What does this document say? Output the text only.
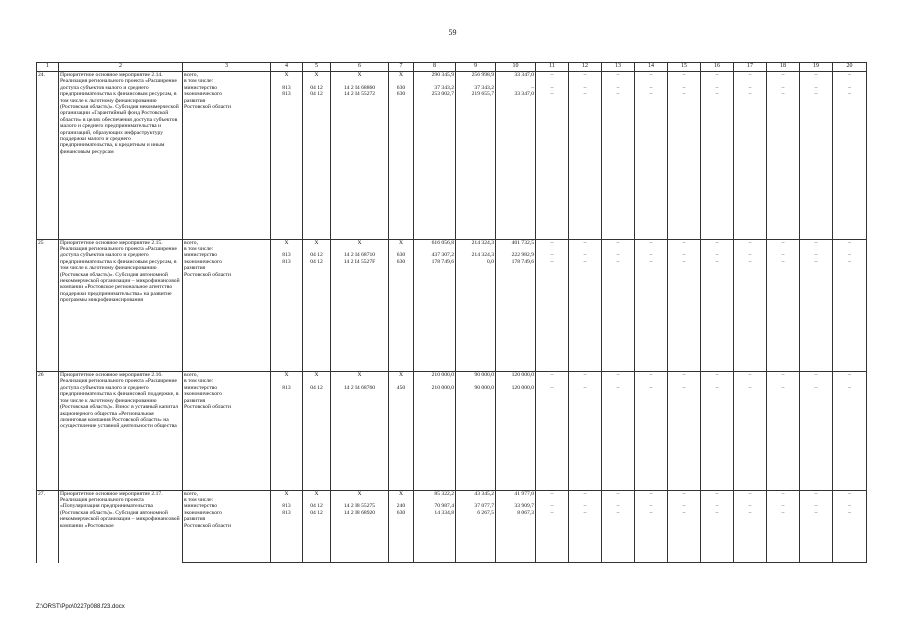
59
1	2	3	4	5	6	7	8	9	10	11	12	13	14	15	16	17	18	19	20
24.	Приоритетное основное мероприятие 2.14. Реализация регионального проекта «Расширение доступа субъектов малого и среднего предпринимательства к финансовым ресурсам, в том числе к льготному финансированию (Ростовская область)». Субсидия некоммерческой организации «Гарантийный фонд Ростовской области» в целях обеспечения доступа субъектов малого и среднего предпринимательства и организаций, образующих инфраструктуру поддержки малого и среднего предпринимательства, к кредитным и иным финансовым ресурсам	всего,	X	X	X	X	290 345,9	256 998,9	33 347,0	–	–	–	–	–	–	–	–	–	–
		в том числе:																	
		министерство	813	04 12	14 2 I4 68860	630	37 343,2	37 343,2	–	–	–	–	–	–	–	–	–	–	–
		экономического	813	04 12	14 2 I4 55272	630	253 002,7	219 655,7	33 347,0	–	–	–	–	–	–	–	–	–	–
		развития																	
		Ростовской области																	
25	Приоритетное основное мероприятие 2.15. Реализация регионального проекта «Расширение доступа субъектов малого и среднего предпринимательства к финансовым ресурсам, в том числе к льготному финансированию (Ростовская область)». Субсидия автономной некоммерческой организации – микрофинансовой компании «Ростовское региональное агентство поддержки предпринимательства» на развитие программы микрофинансирования	всего,	X	X	X	X	616 056,8	214 324,3	401 732,5	–	–	–	–	–	–	–	–	–	–
		в том числе:																	
		министерство	813	04 12	14 2 I4 68710	630	437 307,2	214 324,3	222 982,9	–	–	–	–	–	–	–	–	–	–
		экономического	813	04 12	14 2 I4 5527F	630	178 749,6	0,0	178 749,6	–	–	–	–	–	–	–	–	–	–
		развития																	
		Ростовской области																	
26	Приоритетное основное мероприятие 2.16. Реализация регионального проекта «Расширение доступа субъектов малого и среднего предпринимательства к финансовой поддержке, в том числе к льготному финансированию (Ростовская область)». Взнос в уставный капитал акционерного общества «Региональная лизинговая компания Ростовской области» на осуществление уставной деятельности общества	всего,	X	X	X	X	210 000,0	90 000,0	120 000,0	–	–	–	–	–	–	–	–	–	–
		в том числе:																	
		министерство	813	04 12	14 2 I4 68760	450	210 000,0	90 000,0	120 000,0	–	–	–	–	–	–	–	–	–	–
		экономического																	
		развития																	
		Ростовской области																	
27.	Приоритетное основное мероприятие 2.17. Реализация регионального проекта «Популяризация предпринимательства (Ростовская область)». Субсидия автономной некоммерческой организации – микрофинансовой компании «Ростовское	всего,	X	X	X	X	85 322,2	43 345,2	41 977,0	–	–	–	–	–	–	–	–	–	–
		в том числе:																	
		министерство	813	04 12	14 2 I8 55275	240	70 987,4	37 077,7	33 909,7	–	–	–	–	–	–	–	–	–	–
		экономического	813	04 12	14 2 I8 68920	630	14 334,8	6 267,5	8 067,3	–	–	–	–	–	–	–	–	–	–
		развития																	
		Ростовской области																	
Z:\ORST\Ppo\0227p088.f23.docx
